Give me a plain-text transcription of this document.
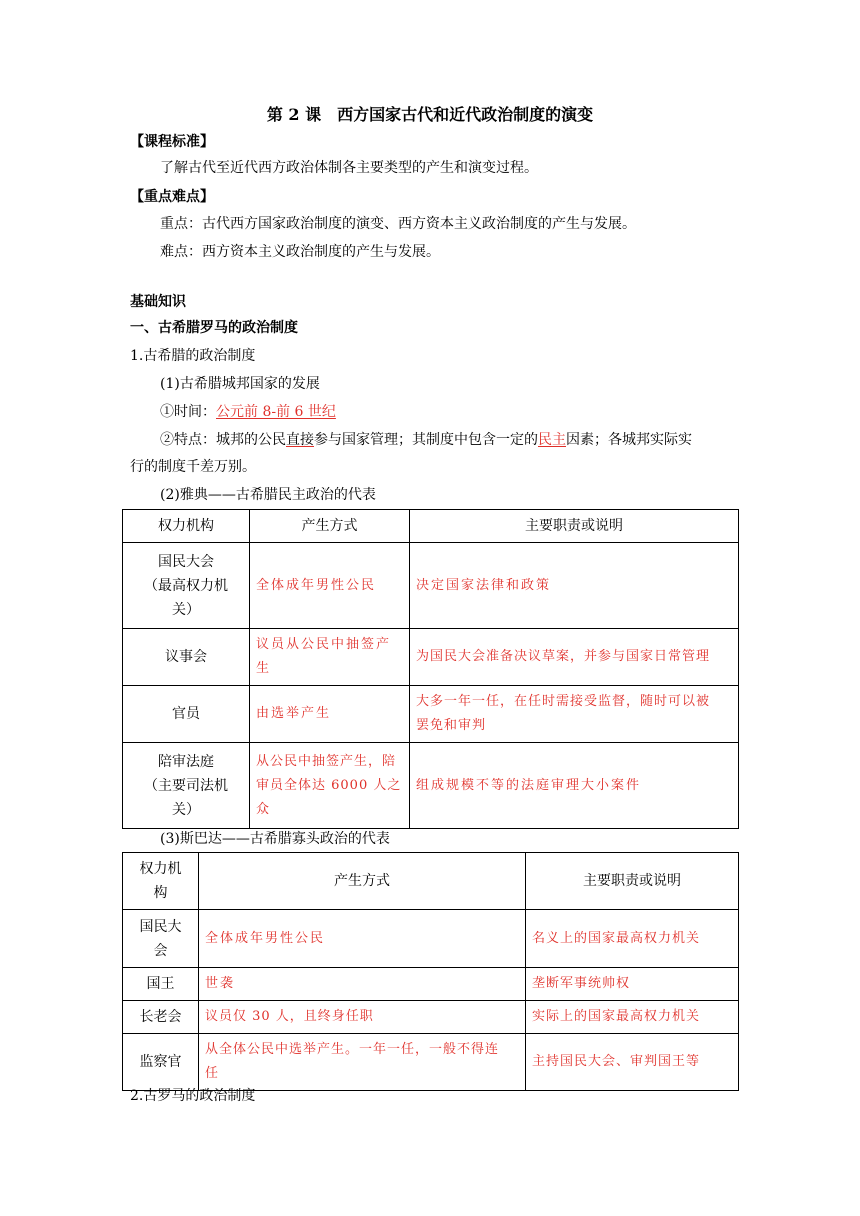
第 2 课　西方国家古代和近代政治制度的演变
【课程标准】
了解古代至近代西方政治体制各主要类型的产生和演变过程。
【重点难点】
重点：古代西方国家政治制度的演变、西方资本主义政治制度的产生与发展。
难点：西方资本主义政治制度的产生与发展。
基础知识
一、古希腊罗马的政治制度
1.古希腊的政治制度
(1)古希腊城邦国家的发展
①时间：公元前 8-前 6 世纪
②特点：城邦的公民直接参与国家管理；其制度中包含一定的民主因素；各城邦实际实
行的制度千差万别。
(2)雅典——古希腊民主政治的代表
权力机构	产生方式	主要职责或说明
国民大会
（最高权力机
关）	全体成年男性公民	决定国家法律和政策
议事会	议员从公民中抽签产
生	为国民大会准备决议草案，并参与国家日常管理
官员	由选举产生	大多一年一任，在任时需接受监督，随时可以被
罢免和审判
陪审法庭
（主要司法机
关）	从公民中抽签产生，陪
审员全体达 6000 人之
众	组成规模不等的法庭审理大小案件
(3)斯巴达——古希腊寡头政治的代表
权力机
构	产生方式	主要职责或说明
国民大
会	全体成年男性公民	名义上的国家最高权力机关
国王	世袭	垄断军事统帅权
长老会	议员仅 30 人，且终身任职	实际上的国家最高权力机关
监察官	从全体公民中选举产生。一年一任，一般不得连
任	主持国民大会、审判国王等
2.古罗马的政治制度
